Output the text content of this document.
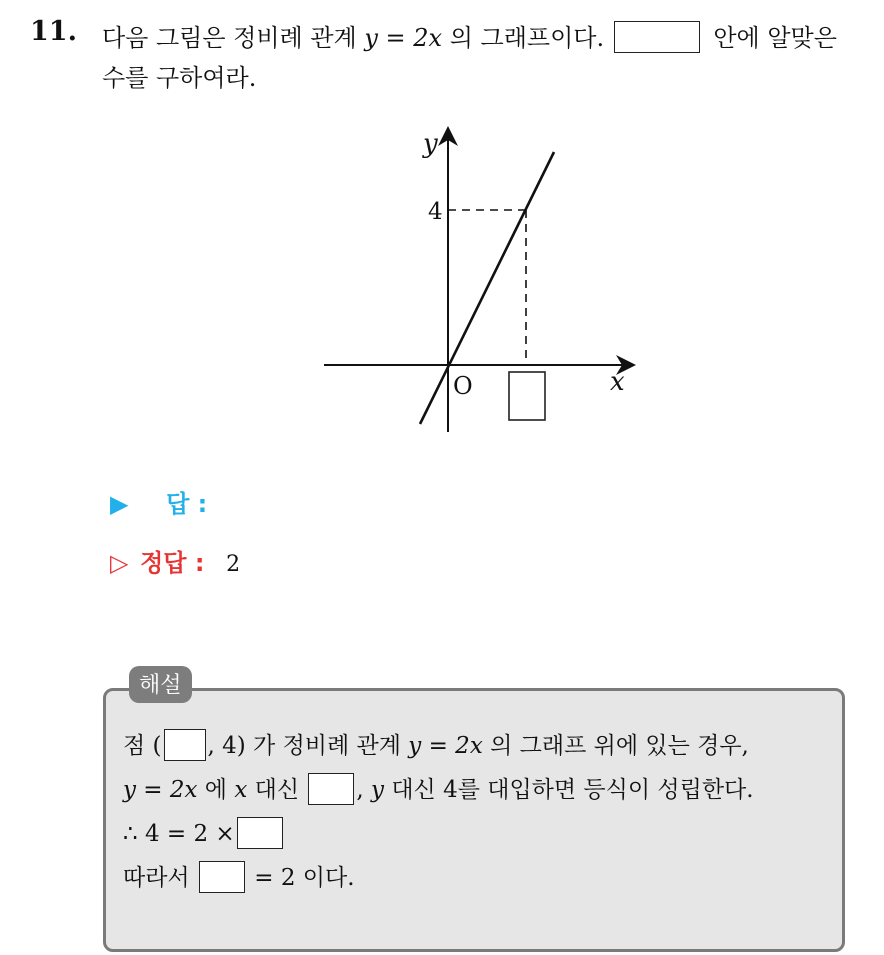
11. 다음 그림은 정비례 관계 y = 2x 의 그래프이다.	안에 알맞은
수를 구하여라.
y
x
O
4
▶ 답 :
▷ 정답 : 2
해설
점 ( , 4) 가 정비례 관계 y = 2x 의 그래프 위에 있는 경우,
y = 2x 에 x 대신 , y 대신 4를 대입하면 등식이 성립한다.
∴ 4 = 2 ×
따라서  = 2 이다.
